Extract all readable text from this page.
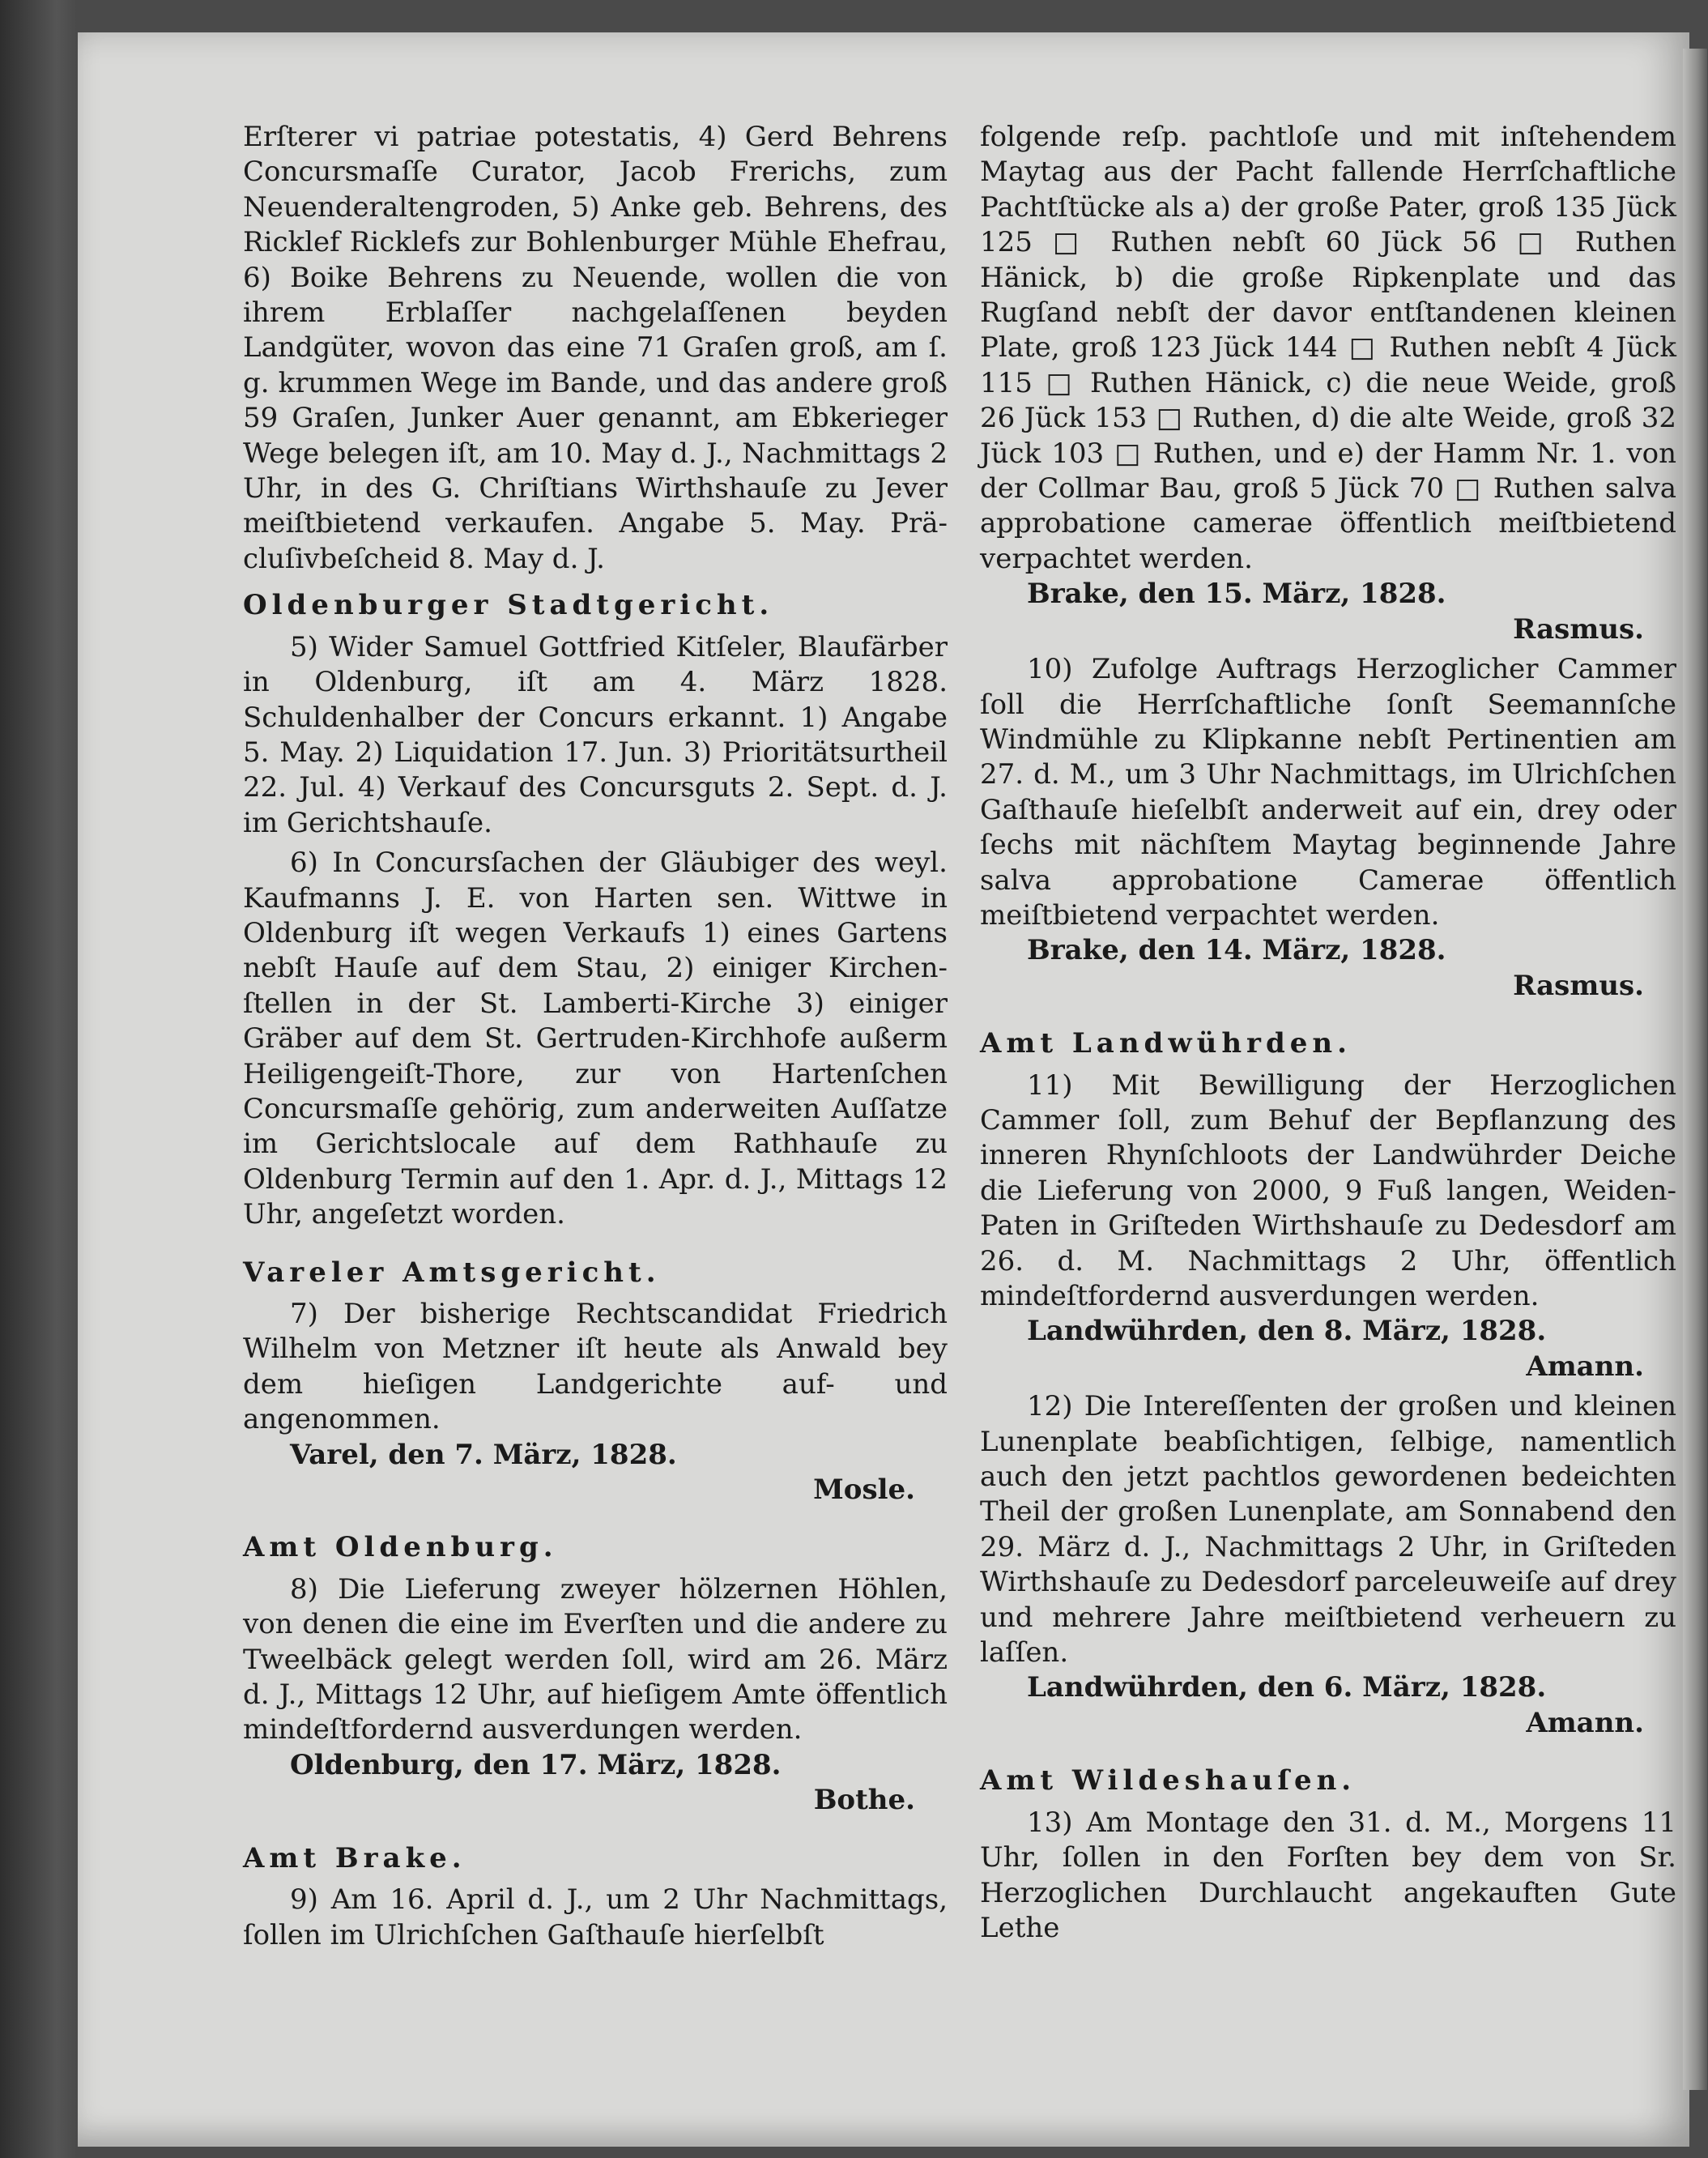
Erſterer vi patriae potestatis, 4) Gerd Behrens Concursmaſſe Curator, Jacob Frerichs, zum Neuenderaltengroden, 5) Anke geb. Behrens, des Ricklef Ricklefs zur Bohlenburger Mühle Ehefrau, 6) Boike Behrens zu Neuende, wollen die von ihrem Erblaſſer nachgelaſſenen beyden Landgüter, wovon das eine 71 Graſen groß, am ſ. g. krummen Wege im Bande, und das andere groß 59 Graſen, Junker Auer genannt, am Ebkerieger Wege belegen iſt, am 10. May d. J., Nachmittags 2 Uhr, in des G. Chriſtians Wirthshauſe zu Jever meiſtbietend verkaufen. Angabe 5. May. Präcluſivbeſcheid 8. May d. J.

Oldenburger Stadtgericht.

5) Wider Samuel Gottfried Kitſeler, Blaufärber in Oldenburg, iſt am 4. März 1828. Schuldenhalber der Concurs erkannt. 1) Angabe 5. May. 2) Liquidation 17. Jun. 3) Prioritätsurtheil 22. Jul. 4) Verkauf des Concursguts 2. Sept. d. J. im Gerichtshauſe.

6) In Concursſachen der Gläubiger des weyl. Kaufmanns J. E. von Harten sen. Wittwe in Oldenburg iſt wegen Verkaufs 1) eines Gartens nebſt Hauſe auf dem Stau, 2) einiger Kirchenſtellen in der St. Lamberti-Kirche 3) einiger Gräber auf dem St. Gertruden-Kirchhofe außerm Heiligengeiſt-Thore, zur von Hartenſchen Concursmaſſe gehörig, zum anderweiten Auſſatze im Gerichtslocale auf dem Rathhauſe zu Oldenburg Termin auf den 1. Apr. d. J., Mittags 12 Uhr, angeſetzt worden.

Vareler Amtsgericht.

7) Der bisherige Rechtscandidat Friedrich Wilhelm von Metzner iſt heute als Anwald bey dem hieſigen Landgerichte auf- und angenommen.

Varel, den 7. März, 1828.

Mosle.

Amt Oldenburg.

8) Die Lieferung zweyer hölzernen Höhlen, von denen die eine im Everſten und die andere zu Tweelbäck gelegt werden ſoll, wird am 26. März d. J., Mittags 12 Uhr, auf hieſigem Amte öffentlich mindeſtfordernd ausverdungen werden.

Oldenburg, den 17. März, 1828.

Bothe.

Amt Brake.

9) Am 16. April d. J., um 2 Uhr Nachmittags, ſollen im Ulrichſchen Gaſthauſe hierſelbſt

folgende reſp. pachtloſe und mit inſtehendem Maytag aus der Pacht fallende Herrſchaftliche Pachtſtücke als a) der große Pater, groß 135 Jück 125 □ Ruthen nebſt 60 Jück 56 □ Ruthen Hänick, b) die große Ripkenplate und das Rugſand nebſt der davor entſtandenen kleinen Plate, groß 123 Jück 144 □ Ruthen nebſt 4 Jück 115 □ Ruthen Hänick, c) die neue Weide, groß 26 Jück 153 □ Ruthen, d) die alte Weide, groß 32 Jück 103 □ Ruthen, und e) der Hamm Nr. 1. von der Collmar Bau, groß 5 Jück 70 □ Ruthen salva approbatione camerae öffentlich meiſtbietend verpachtet werden.

Brake, den 15. März, 1828.

Rasmus.

10) Zufolge Auftrags Herzoglicher Cammer ſoll die Herrſchaftliche ſonſt Seemannſche Windmühle zu Klipkanne nebſt Pertinentien am 27. d. M., um 3 Uhr Nachmittags, im Ulrichſchen Gaſthauſe hieſelbſt anderweit auf ein, drey oder ſechs mit nächſtem Maytag beginnende Jahre salva approbatione Camerae öffentlich meiſtbietend verpachtet werden.

Brake, den 14. März, 1828.

Rasmus.

Amt Landwührden.

11) Mit Bewilligung der Herzoglichen Cammer ſoll, zum Behuf der Bepflanzung des inneren Rhynſchloots der Landwührder Deiche die Lieferung von 2000, 9 Fuß langen, Weiden-Paten in Griſteden Wirthshauſe zu Dedesdorf am 26. d. M. Nachmittags 2 Uhr, öffentlich mindeſtfordernd ausverdungen werden.

Landwührden, den 8. März, 1828.

Amann.

12) Die Intereſſenten der großen und kleinen Lunenplate beabſichtigen, ſelbige, namentlich auch den jetzt pachtlos gewordenen bedeichten Theil der großen Lunenplate, am Sonnabend den 29. März d. J., Nachmittags 2 Uhr, in Griſteden Wirthshauſe zu Dedesdorf parceleuweiſe auf drey und mehrere Jahre meiſtbietend verheuern zu laſſen.

Landwührden, den 6. März, 1828.

Amann.

Amt Wildeshauſen.

13) Am Montage den 31. d. M., Morgens 11 Uhr, ſollen in den Forſten bey dem von Sr. Herzoglichen Durchlaucht angekauften Gute Lethe
